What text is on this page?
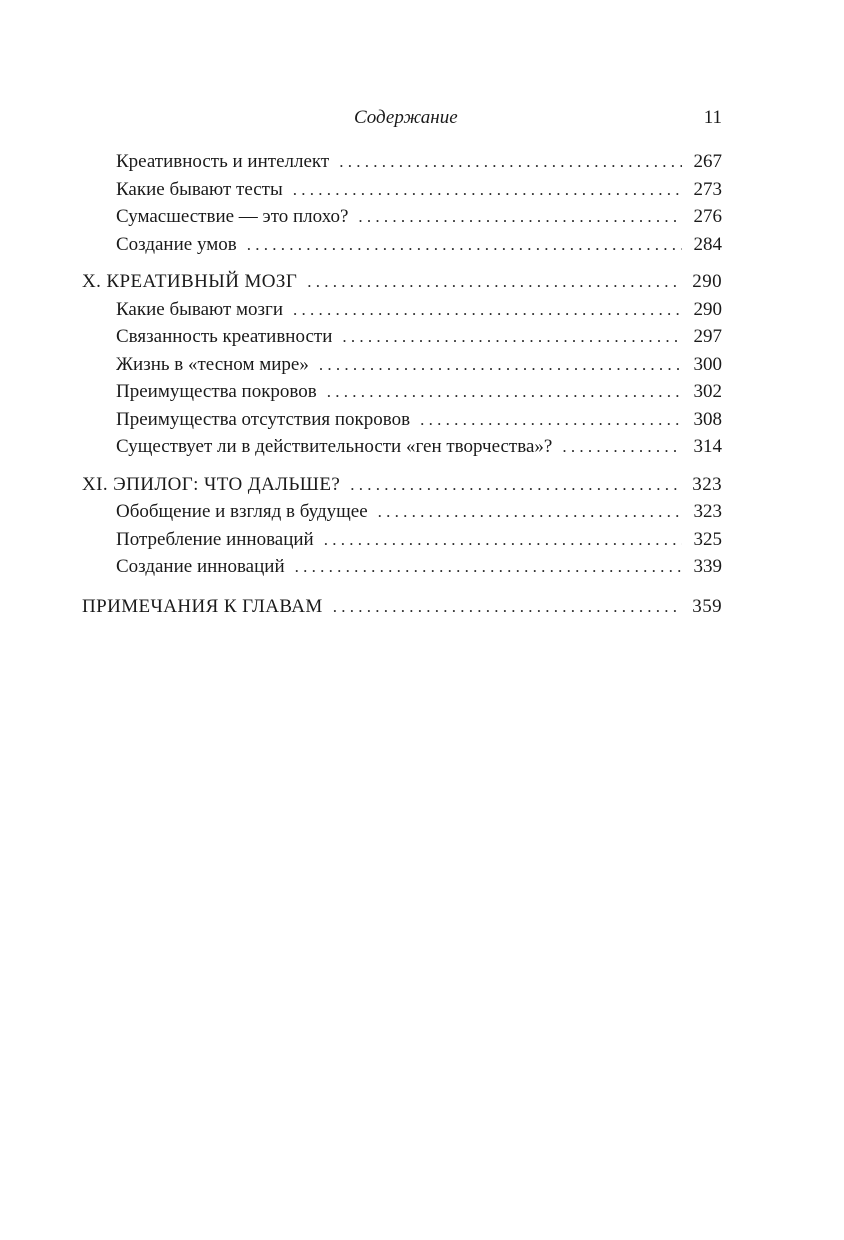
Содержание	11
Креативность и интеллект . . .	267
Какие бывают тесты . . .	273
Сумасшествие — это плохо? . . .	276
Создание умов . . .	284
X. КРЕАТИВНЫЙ МОЗГ . . .	290
Какие бывают мозги . . .	290
Связанность креативности . . .	297
Жизнь в «тесном мире» . . .	300
Преимущества покровов . . .	302
Преимущества отсутствия покровов . . .	308
Существует ли в действительности «ген творчества»? . . .	314
XI. ЭПИЛОГ: ЧТО ДАЛЬШЕ? . . .	323
Обобщение и взгляд в будущее . . .	323
Потребление инноваций . . .	325
Создание инноваций . . .	339
ПРИМЕЧАНИЯ К ГЛАВАМ . . .	359
